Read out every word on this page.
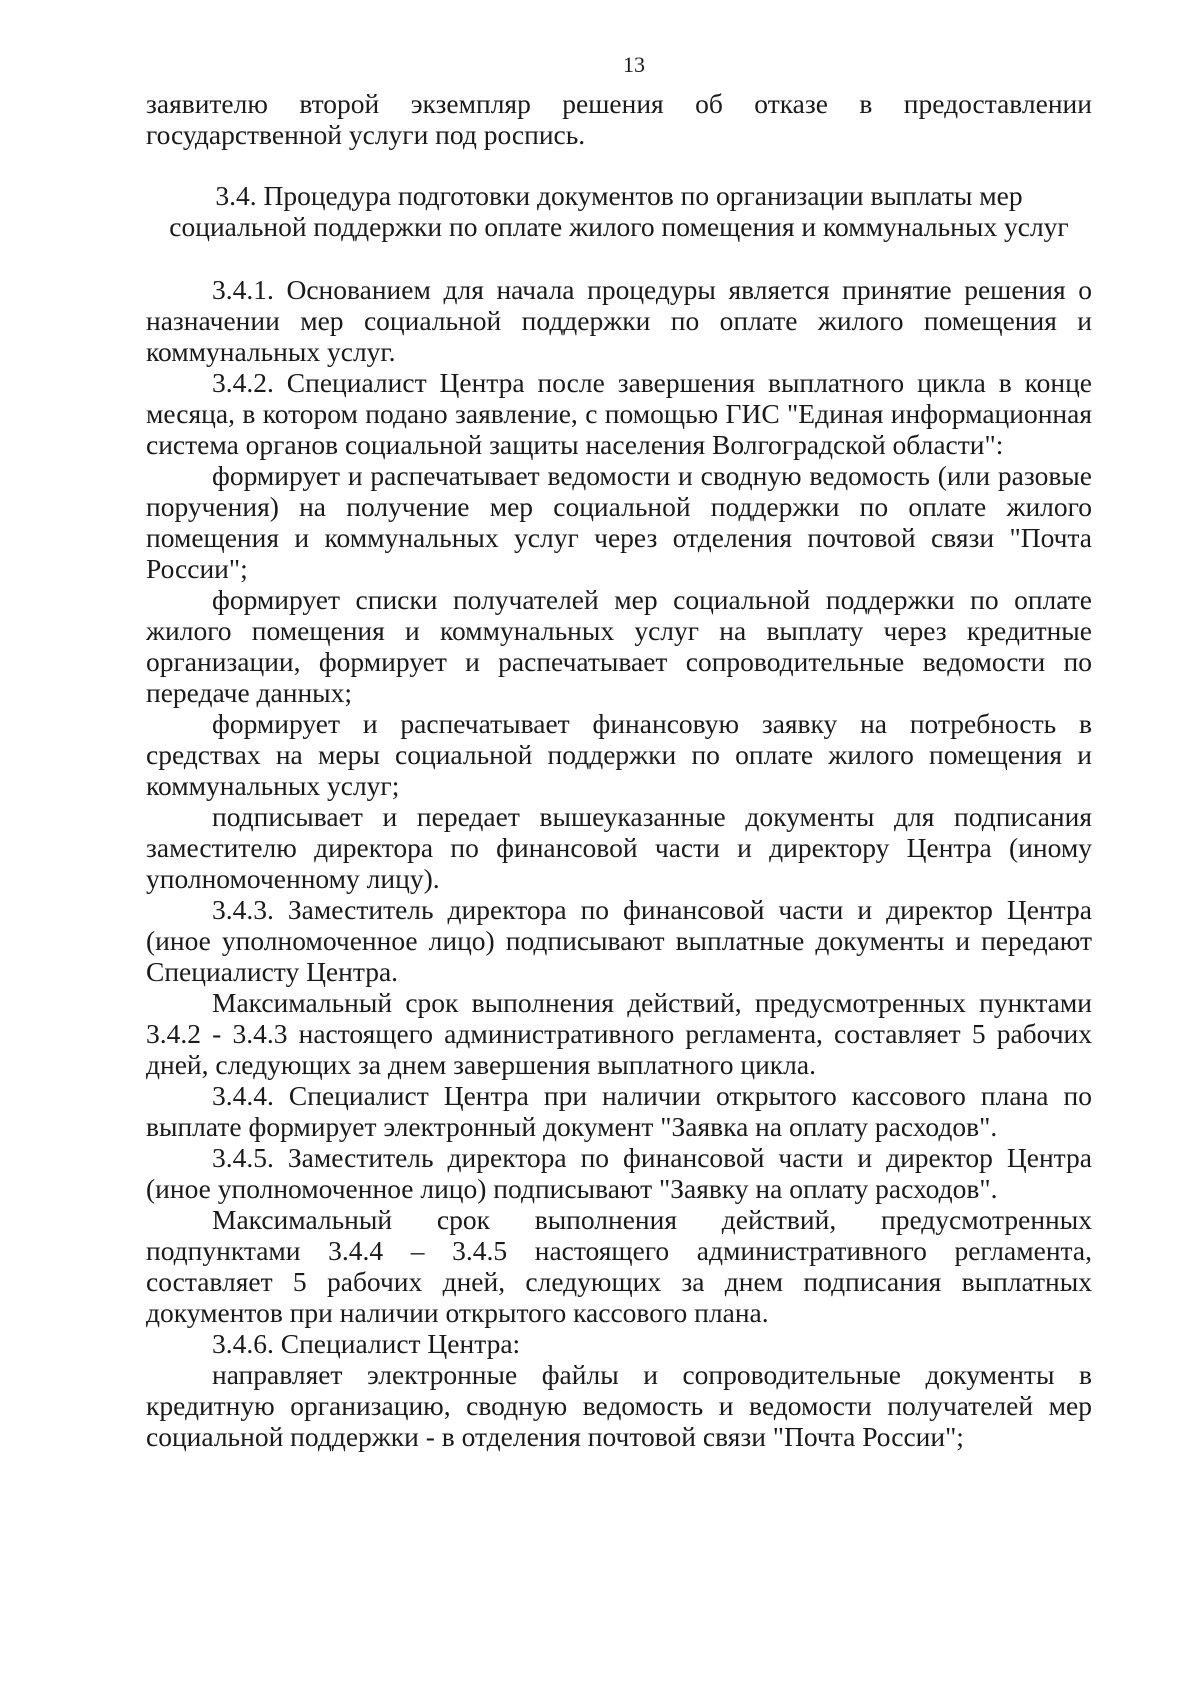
13

заявителю второй экземпляр решения об отказе в предоставлении государственной услуги под роспись.

3.4. Процедура подготовки документов по организации выплаты мер
социальной поддержки по оплате жилого помещения и коммунальных услуг

3.4.1. Основанием для начала процедуры является принятие решения о назначении мер социальной поддержки по оплате жилого помещения и коммунальных услуг.

3.4.2. Специалист Центра после завершения выплатного цикла в конце месяца, в котором подано заявление, с помощью ГИС "Единая информационная система органов социальной защиты населения Волгоградской области":

формирует и распечатывает ведомости и сводную ведомость (или разовые поручения) на получение мер социальной поддержки по оплате жилого помещения и коммунальных услуг через отделения почтовой связи "Почта России";

формирует списки получателей мер социальной поддержки по оплате жилого помещения и коммунальных услуг на выплату через кредитные организации, формирует и распечатывает сопроводительные ведомости по передаче данных;

формирует и распечатывает финансовую заявку на потребность в средствах на меры социальной поддержки по оплате жилого помещения и коммунальных услуг;

подписывает и передает вышеуказанные документы для подписания заместителю директора по финансовой части и директору Центра (иному уполномоченному лицу).

3.4.3. Заместитель директора по финансовой части и директор Центра (иное уполномоченное лицо) подписывают выплатные документы и передают Специалисту Центра.

Максимальный срок выполнения действий, предусмотренных пунктами 3.4.2 - 3.4.3 настоящего административного регламента, составляет 5 рабочих дней, следующих за днем завершения выплатного цикла.

3.4.4. Специалист Центра при наличии открытого кассового плана по выплате формирует электронный документ "Заявка на оплату расходов".

3.4.5. Заместитель директора по финансовой части и директор Центра (иное уполномоченное лицо) подписывают "Заявку на оплату расходов".

Максимальный срок выполнения действий, предусмотренных подпунктами 3.4.4 – 3.4.5 настоящего административного регламента, составляет 5 рабочих дней, следующих за днем подписания выплатных документов при наличии открытого кассового плана.

3.4.6. Специалист Центра:

направляет электронные файлы и сопроводительные документы в кредитную организацию, сводную ведомость и ведомости получателей мер социальной поддержки - в отделения почтовой связи "Почта России";
